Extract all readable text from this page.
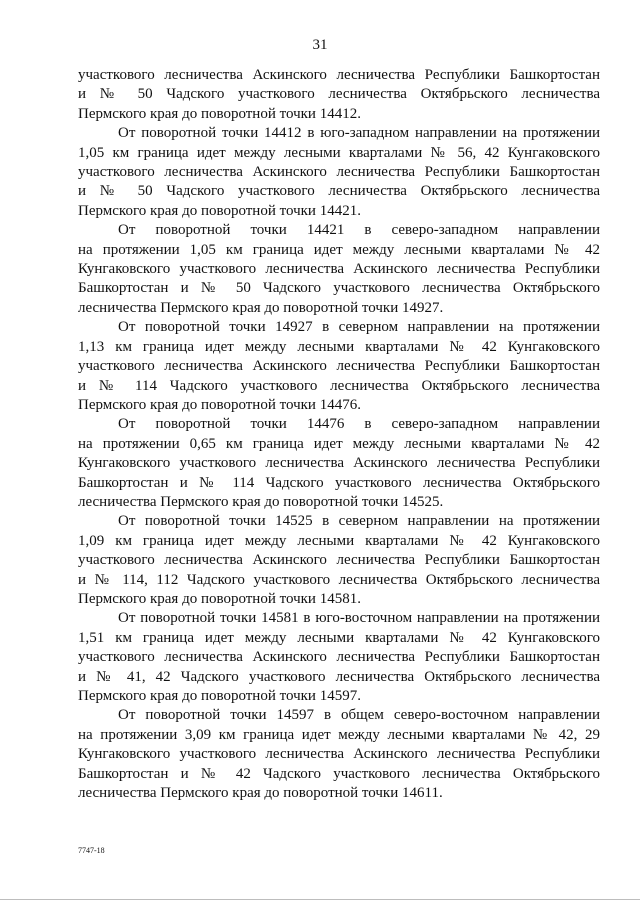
31

участкового лесничества Аскинского лесничества Республики Башкортостан
и № 50 Чадского участкового лесничества Октябрьского лесничества
Пермского края до поворотной точки 14412.

От поворотной точки 14412 в юго-западном направлении на протяжении
1,05 км граница идет между лесными кварталами № 56, 42 Кунгаковского
участкового лесничества Аскинского лесничества Республики Башкортостан
и № 50 Чадского участкового лесничества Октябрьского лесничества
Пермского края до поворотной точки 14421.

От поворотной точки 14421 в северо-западном направлении
на протяжении 1,05 км граница идет между лесными кварталами № 42
Кунгаковского участкового лесничества Аскинского лесничества Республики
Башкортостан и № 50 Чадского участкового лесничества Октябрьского
лесничества Пермского края до поворотной точки 14927.

От поворотной точки 14927 в северном направлении на протяжении
1,13 км граница идет между лесными кварталами № 42 Кунгаковского
участкового лесничества Аскинского лесничества Республики Башкортостан
и № 114 Чадского участкового лесничества Октябрьского лесничества
Пермского края до поворотной точки 14476.

От поворотной точки 14476 в северо-западном направлении
на протяжении 0,65 км граница идет между лесными кварталами № 42
Кунгаковского участкового лесничества Аскинского лесничества Республики
Башкортостан и № 114 Чадского участкового лесничества Октябрьского
лесничества Пермского края до поворотной точки 14525.

От поворотной точки 14525 в северном направлении на протяжении
1,09 км граница идет между лесными кварталами № 42 Кунгаковского
участкового лесничества Аскинского лесничества Республики Башкортостан
и № 114, 112 Чадского участкового лесничества Октябрьского лесничества
Пермского края до поворотной точки 14581.

От поворотной точки 14581 в юго-восточном направлении на протяжении
1,51 км граница идет между лесными кварталами № 42 Кунгаковского
участкового лесничества Аскинского лесничества Республики Башкортостан
и № 41, 42 Чадского участкового лесничества Октябрьского лесничества
Пермского края до поворотной точки 14597.

От поворотной точки 14597 в общем северо-восточном направлении
на протяжении 3,09 км граница идет между лесными кварталами № 42, 29
Кунгаковского участкового лесничества Аскинского лесничества Республики
Башкортостан и № 42 Чадского участкового лесничества Октябрьского
лесничества Пермского края до поворотной точки 14611.

7747-18
